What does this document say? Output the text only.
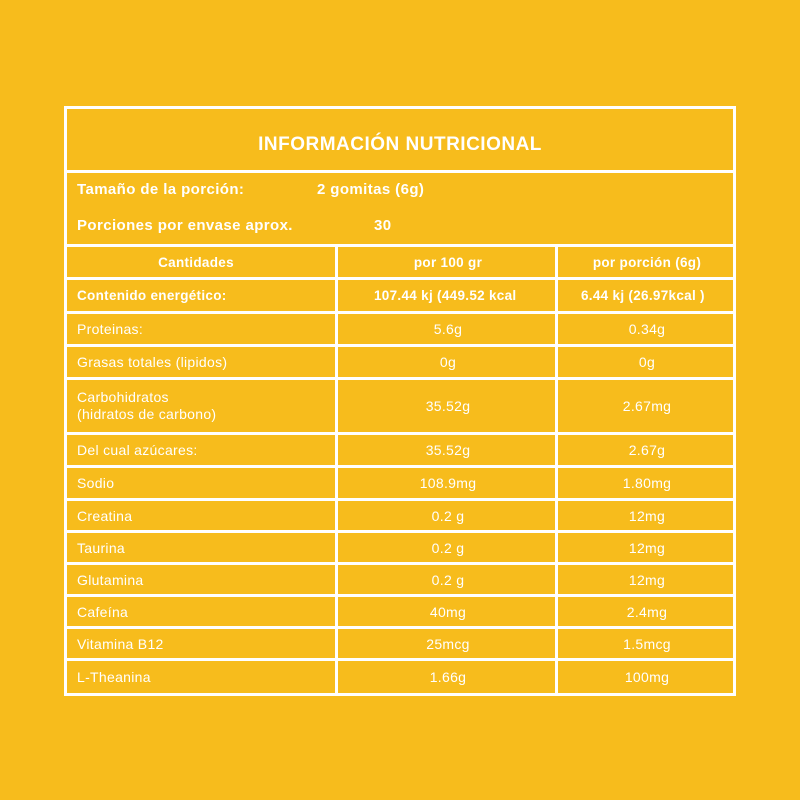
INFORMACIÓN NUTRICIONAL
Tamaño de la porción:	2 gomitas (6g)
Porciones por envase aprox.	30
Cantidades	por 100 gr	por porción (6g)
Contenido energético:	107.44 kj (449.52 kcal	6.44 kj (26.97kcal )
Proteinas:	5.6g	0.34g
Grasas totales (lipidos)	0g	0g
Carbohidratos
(hidratos de carbono)	35.52g	2.67mg
Del cual azúcares:	35.52g	2.67g
Sodio	108.9mg	1.80mg
Creatina	0.2 g	12mg
Taurina	0.2 g	12mg
Glutamina	0.2 g	12mg
Cafeína	40mg	2.4mg
Vitamina B12	25mcg	1.5mcg
L-Theanina	1.66g	100mg
